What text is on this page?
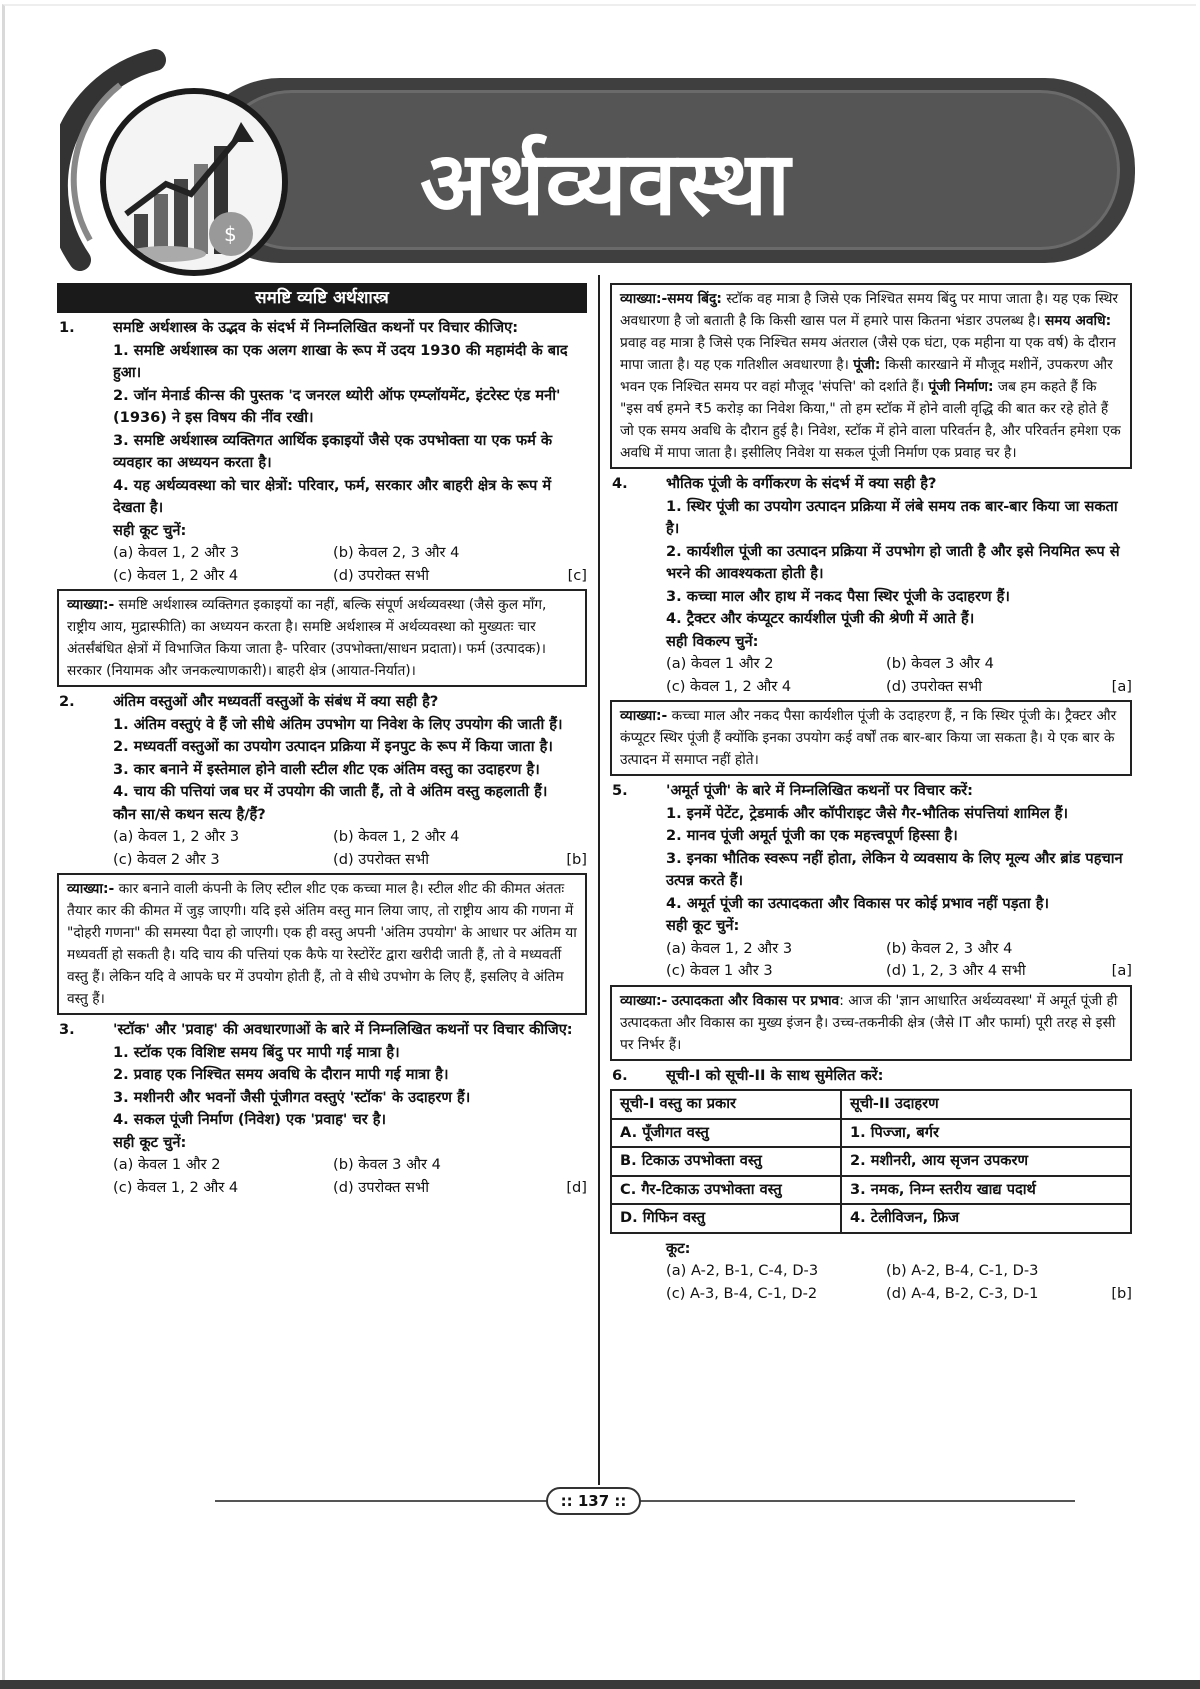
$ अर्थव्यवस्था
समष्टि व्यष्टि अर्थशास्त्र
1.	समष्टि अर्थशास्त्र के उद्भव के संदर्भ में निम्नलिखित कथनों पर विचार कीजिए:
1. समष्टि अर्थशास्त्र का एक अलग शाखा के रूप में उदय 1930 की महामंदी के बाद हुआ।
2. जॉन मेनार्ड कीन्स की पुस्तक 'द जनरल थ्योरी ऑफ एम्प्लॉयमेंट, इंटरेस्ट एंड मनी' (1936) ने इस विषय की नींव रखी।
3. समष्टि अर्थशास्त्र व्यक्तिगत आर्थिक इकाइयों जैसे एक उपभोक्ता या एक फर्म के व्यवहार का अध्ययन करता है।
4. यह अर्थव्यवस्था को चार क्षेत्रों: परिवार, फर्म, सरकार और बाहरी क्षेत्र के रूप में देखता है।
सही कूट चुनें:
(a) केवल 1, 2 और 3	(b) केवल 2, 3 और 4
(c) केवल 1, 2 और 4	(d) उपरोक्त सभी	[c]
व्याख्या:- समष्टि अर्थशास्त्र व्यक्तिगत इकाइयों का नहीं, बल्कि संपूर्ण अर्थव्यवस्था (जैसे कुल माँग, राष्ट्रीय आय, मुद्रास्फीति) का अध्ययन करता है। समष्टि अर्थशास्त्र में अर्थव्यवस्था को मुख्यतः चार अंतर्संबंधित क्षेत्रों में विभाजित किया जाता है- परिवार (उपभोक्ता/साधन प्रदाता)। फर्म (उत्पादक)। सरकार (नियामक और जनकल्याणकारी)। बाहरी क्षेत्र (आयात-निर्यात)।
2.	अंतिम वस्तुओं और मध्यवर्ती वस्तुओं के संबंध में क्या सही है?
1. अंतिम वस्तुएं वे हैं जो सीधे अंतिम उपभोग या निवेश के लिए उपयोग की जाती हैं।
2. मध्यवर्ती वस्तुओं का उपयोग उत्पादन प्रक्रिया में इनपुट के रूप में किया जाता है।
3. कार बनाने में इस्तेमाल होने वाली स्टील शीट एक अंतिम वस्तु का उदाहरण है।
4. चाय की पत्तियां जब घर में उपयोग की जाती हैं, तो वे अंतिम वस्तु कहलाती हैं।
कौन सा/से कथन सत्य है/हैं?
(a) केवल 1, 2 और 3	(b) केवल 1, 2 और 4
(c) केवल 2 और 3	(d) उपरोक्त सभी	[b]
व्याख्या:- कार बनाने वाली कंपनी के लिए स्टील शीट एक कच्चा माल है। स्टील शीट की कीमत अंततः तैयार कार की कीमत में जुड़ जाएगी। यदि इसे अंतिम वस्तु मान लिया जाए, तो राष्ट्रीय आय की गणना में "दोहरी गणना" की समस्या पैदा हो जाएगी। एक ही वस्तु अपनी 'अंतिम उपयोग' के आधार पर अंतिम या मध्यवर्ती हो सकती है। यदि चाय की पत्तियां एक कैफे या रेस्टोरेंट द्वारा खरीदी जाती हैं, तो वे मध्यवर्ती वस्तु हैं। लेकिन यदि वे आपके घर में उपयोग होती हैं, तो वे सीधे उपभोग के लिए हैं, इसलिए वे अंतिम वस्तु हैं।
3.	'स्टॉक' और 'प्रवाह' की अवधारणाओं के बारे में निम्नलिखित कथनों पर विचार कीजिए:
1. स्टॉक एक विशिष्ट समय बिंदु पर मापी गई मात्रा है।
2. प्रवाह एक निश्चित समय अवधि के दौरान मापी गई मात्रा है।
3. मशीनरी और भवनों जैसी पूंजीगत वस्तुएं 'स्टॉक' के उदाहरण हैं।
4. सकल पूंजी निर्माण (निवेश) एक 'प्रवाह' चर है।
सही कूट चुनें:
(a) केवल 1 और 2	(b) केवल 3 और 4
(c) केवल 1, 2 और 4	(d) उपरोक्त सभी	[d]
व्याख्या:-समय बिंदु: स्टॉक वह मात्रा है जिसे एक निश्चित समय बिंदु पर मापा जाता है। यह एक स्थिर अवधारणा है जो बताती है कि किसी खास पल में हमारे पास कितना भंडार उपलब्ध है। समय अवधि: प्रवाह वह मात्रा है जिसे एक निश्चित समय अंतराल (जैसे एक घंटा, एक महीना या एक वर्ष) के दौरान मापा जाता है। यह एक गतिशील अवधारणा है। पूंजी: किसी कारखाने में मौजूद मशीनें, उपकरण और भवन एक निश्चित समय पर वहां मौजूद 'संपत्ति' को दर्शाते हैं। पूंजी निर्माण: जब हम कहते हैं कि "इस वर्ष हमने ₹5 करोड़ का निवेश किया," तो हम स्टॉक में होने वाली वृद्धि की बात कर रहे होते हैं जो एक समय अवधि के दौरान हुई है। निवेश, स्टॉक में होने वाला परिवर्तन है, और परिवर्तन हमेशा एक अवधि में मापा जाता है। इसीलिए निवेश या सकल पूंजी निर्माण एक प्रवाह चर है।
4.	भौतिक पूंजी के वर्गीकरण के संदर्भ में क्या सही है?
1. स्थिर पूंजी का उपयोग उत्पादन प्रक्रिया में लंबे समय तक बार-बार किया जा सकता है।
2. कार्यशील पूंजी का उत्पादन प्रक्रिया में उपभोग हो जाती है और इसे नियमित रूप से भरने की आवश्यकता होती है।
3. कच्चा माल और हाथ में नकद पैसा स्थिर पूंजी के उदाहरण हैं।
4. ट्रैक्टर और कंप्यूटर कार्यशील पूंजी की श्रेणी में आते हैं।
सही विकल्प चुनें:
(a) केवल 1 और 2	(b) केवल 3 और 4
(c) केवल 1, 2 और 4	(d) उपरोक्त सभी	[a]
व्याख्या:- कच्चा माल और नकद पैसा कार्यशील पूंजी के उदाहरण हैं, न कि स्थिर पूंजी के। ट्रैक्टर और कंप्यूटर स्थिर पूंजी हैं क्योंकि इनका उपयोग कई वर्षों तक बार-बार किया जा सकता है। ये एक बार के उत्पादन में समाप्त नहीं होते।
5.	'अमूर्त पूंजी' के बारे में निम्नलिखित कथनों पर विचार करें:
1. इनमें पेटेंट, ट्रेडमार्क और कॉपीराइट जैसे गैर-भौतिक संपत्तियां शामिल हैं।
2. मानव पूंजी अमूर्त पूंजी का एक महत्त्वपूर्ण हिस्सा है।
3. इनका भौतिक स्वरूप नहीं होता, लेकिन ये व्यवसाय के लिए मूल्य और ब्रांड पहचान उत्पन्न करते हैं।
4. अमूर्त पूंजी का उत्पादकता और विकास पर कोई प्रभाव नहीं पड़ता है।
सही कूट चुनें:
(a) केवल 1, 2 और 3	(b) केवल 2, 3 और 4
(c) केवल 1 और 3	(d) 1, 2, 3 और 4 सभी	[a]
व्याख्या:- उत्पादकता और विकास पर प्रभाव: आज की 'ज्ञान आधारित अर्थव्यवस्था' में अमूर्त पूंजी ही उत्पादकता और विकास का मुख्य इंजन है। उच्च-तकनीकी क्षेत्र (जैसे IT और फार्मा) पूरी तरह से इसी पर निर्भर हैं।
6.	सूची-I को सूची-II के साथ सुमेलित करें:
सूची-I वस्तु का प्रकार	सूची-II उदाहरण
A. पूँजीगत वस्तु	1. पिज्जा, बर्गर
B. टिकाऊ उपभोक्ता वस्तु	2. मशीनरी, आय सृजन उपकरण
C. गैर-टिकाऊ उपभोक्ता वस्तु	3. नमक, निम्न स्तरीय खाद्य पदार्थ
D. गिफिन वस्तु	4. टेलीविजन, फ्रिज
कूट:
(a) A-2, B-1, C-4, D-3	(b) A-2, B-4, C-1, D-3
(c) A-3, B-4, C-1, D-2	(d) A-4, B-2, C-3, D-1	[b]
:: 137 ::
